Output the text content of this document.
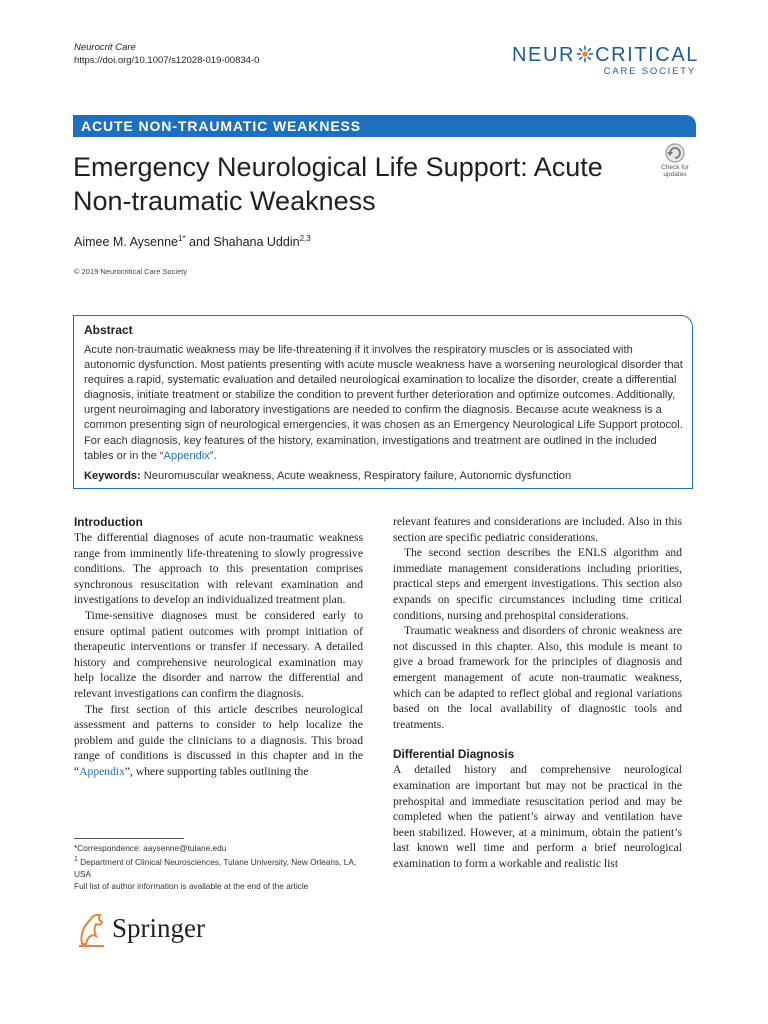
Neurocrit Care
https://doi.org/10.1007/s12028-019-00834-0	NEUR CRITICAL
CARE SOCIETY
ACUTE NON-TRAUMATIC WEAKNESS
Emergency Neurological Life Support: Acute Non-traumatic Weakness
Check for
updates
Aimee M. Aysenne$^{1*}$ and Shahana Uddin$^{2,3}$
© 2019 Neurocritical Care Society
Abstract
Acute non-traumatic weakness may be life-threatening if it involves the respiratory muscles or is associated with autonomic dysfunction. Most patients presenting with acute muscle weakness have a worsening neurological disorder that requires a rapid, systematic evaluation and detailed neurological examination to localize the disorder, create a differential diagnosis, initiate treatment or stabilize the condition to prevent further deterioration and optimize outcomes. Additionally, urgent neuroimaging and laboratory investigations are needed to confirm the diagnosis. Because acute weakness is a common presenting sign of neurological emergencies, it was chosen as an Emergency Neurological Life Support protocol. For each diagnosis, key features of the history, examination, investigations and treatment are outlined in the included tables or in the “Appendix”.
Keywords: Neuromuscular weakness, Acute weakness, Respiratory failure, Autonomic dysfunction

Introduction

The differential diagnoses of acute non-traumatic weakness range from imminently life-threatening to slowly progressive conditions. The approach to this presentation comprises synchronous resuscitation with relevant examination and investigations to develop an individualized treatment plan.

Time-sensitive diagnoses must be considered early to ensure optimal patient outcomes with prompt initiation of therapeutic interventions or transfer if necessary. A detailed history and comprehensive neurological examination may help localize the disorder and narrow the differential and relevant investigations can confirm the diagnosis.

The first section of this article describes neurological assessment and patterns to consider to help localize the problem and guide the clinicians to a diagnosis. This broad range of conditions is discussed in this chapter and in the “Appendix”, where supporting tables outlining the

relevant features and considerations are included. Also in this section are specific pediatric considerations.

The second section describes the ENLS algorithm and immediate management considerations including priorities, practical steps and emergent investigations. This section also expands on specific circumstances including time critical conditions, nursing and prehospital considerations.

Traumatic weakness and disorders of chronic weakness are not discussed in this chapter. Also, this module is meant to give a broad framework for the principles of diagnosis and emergent management of acute non-traumatic weakness, which can be adapted to reflect global and regional variations based on the local availability of diagnostic tools and treatments.

Differential Diagnosis

A detailed history and comprehensive neurological examination are important but may not be practical in the prehospital and immediate resuscitation period and may be completed when the patient’s airway and ventilation have been stabilized. However, at a minimum, obtain the patient’s last known well time and perform a brief neurological examination to form a workable and realistic list

*Correspondence: aaysenne@tulane.edu

$^1$ Department of Clinical Neurosciences, Tulane University, New Orleans, LA, USA

Full list of author information is available at the end of the article

Springer
